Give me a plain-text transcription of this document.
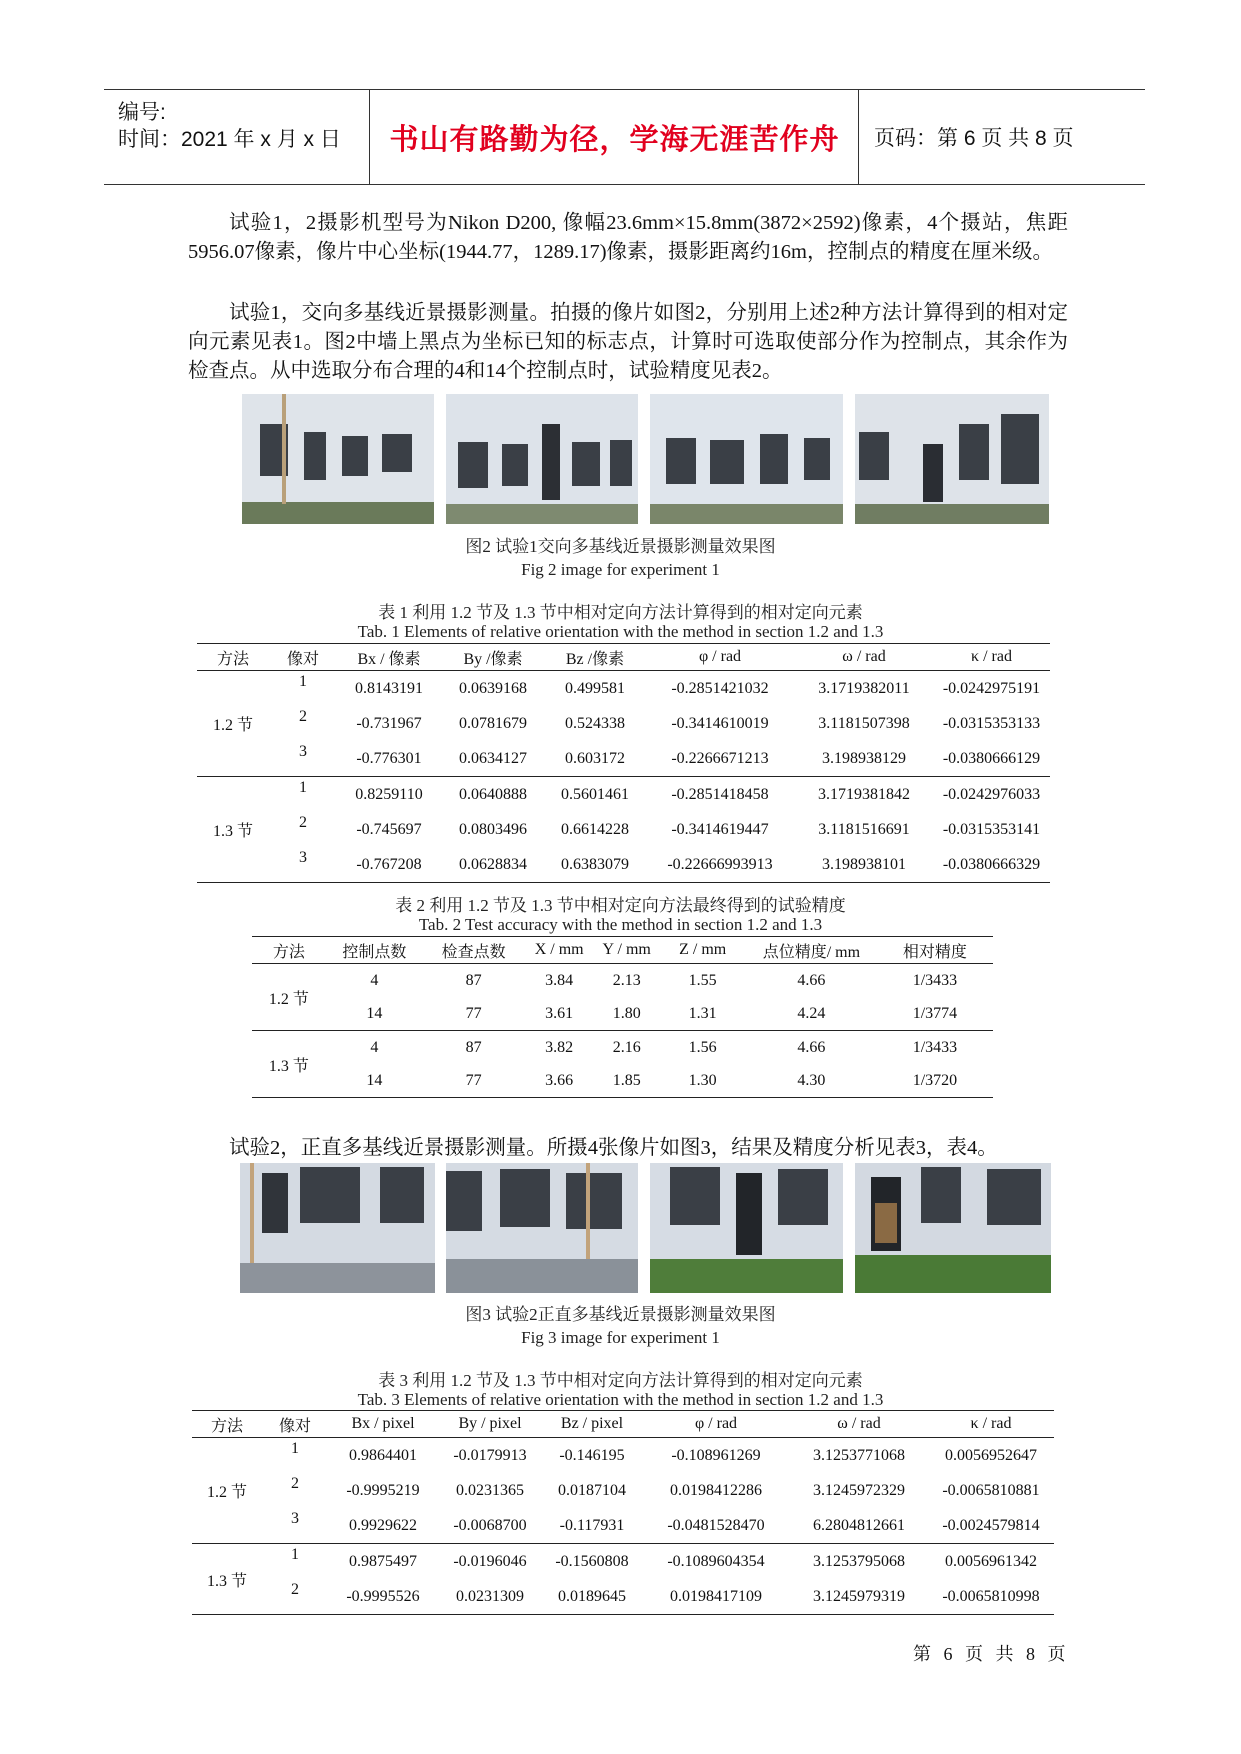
编号:
时间：2021 年 x 月 x 日	书山有路勤为径，学海无涯苦作舟	页码：第 6 页 共 8 页

试验1，2摄影机型号为Nikon D200, 像幅23.6mm×15.8mm(3872×2592)像素，4个摄站，焦距5956.07像素，像片中心坐标(1944.77，1289.17)像素，摄影距离约16m，控制点的精度在厘米级。

试验1，交向多基线近景摄影测量。拍摄的像片如图2，分别用上述2种方法计算得到的相对定向元素见表1。图2中墙上黑点为坐标已知的标志点，计算时可选取使部分作为控制点，其余作为检查点。从中选取分布合理的4和14个控制点时，试验精度见表2。

图2 试验1交向多基线近景摄影测量效果图
Fig 2 image for experiment 1
表 1 利用 1.2 节及 1.3 节中相对定向方法计算得到的相对定向元素
Tab. 1 Elements of relative orientation with the method in section 1.2 and 1.3
方法	像对	Bx / 像素	By /像素	Bz /像素	φ / rad	ω / rad	κ / rad
1.2 节	1	0.8143191	0.0639168	0.499581	-0.2851421032	3.1719382011	-0.0242975191
	2	-0.731967	0.0781679	0.524338	-0.3414610019	3.1181507398	-0.0315353133
	3	-0.776301	0.0634127	0.603172	-0.2266671213	3.198938129	-0.0380666129
1.3 节	1	0.8259110	0.0640888	0.5601461	-0.2851418458	3.1719381842	-0.0242976033
	2	-0.745697	0.0803496	0.6614228	-0.3414619447	3.1181516691	-0.0315353141
	3	-0.767208	0.0628834	0.6383079	-0.22666993913	3.198938101	-0.0380666329
表 2 利用 1.2 节及 1.3 节中相对定向方法最终得到的试验精度
Tab. 2 Test accuracy with the method in section 1.2 and 1.3
方法	控制点数	检查点数	X / mm	Y / mm	Z / mm	点位精度/ mm	相对精度
1.2 节	4	87	3.84	2.13	1.55	4.66	1/3433
	14	77	3.61	1.80	1.31	4.24	1/3774
1.3 节	4	87	3.82	2.16	1.56	4.66	1/3433
	14	77	3.66	1.85	1.30	4.30	1/3720

试验2，正直多基线近景摄影测量。所摄4张像片如图3，结果及精度分析见表3，表4。

图3 试验2正直多基线近景摄影测量效果图
Fig 3 image for experiment 1
表 3 利用 1.2 节及 1.3 节中相对定向方法计算得到的相对定向元素
Tab. 3 Elements of relative orientation with the method in section 1.2 and 1.3
方法	像对	Bx / pixel	By / pixel	Bz / pixel	φ / rad	ω / rad	κ / rad
1.2 节	1	0.9864401	-0.0179913	-0.146195	-0.108961269	3.1253771068	0.0056952647
	2	-0.9995219	0.0231365	0.0187104	0.0198412286	3.1245972329	-0.0065810881
	3	0.9929622	-0.0068700	-0.117931	-0.0481528470	6.2804812661	-0.0024579814
1.3 节	1	0.9875497	-0.0196046	-0.1560808	-0.1089604354	3.1253795068	0.0056961342
	2	-0.9995526	0.0231309	0.0189645	0.0198417109	3.1245979319	-0.0065810998
第 6 页 共 8 页
